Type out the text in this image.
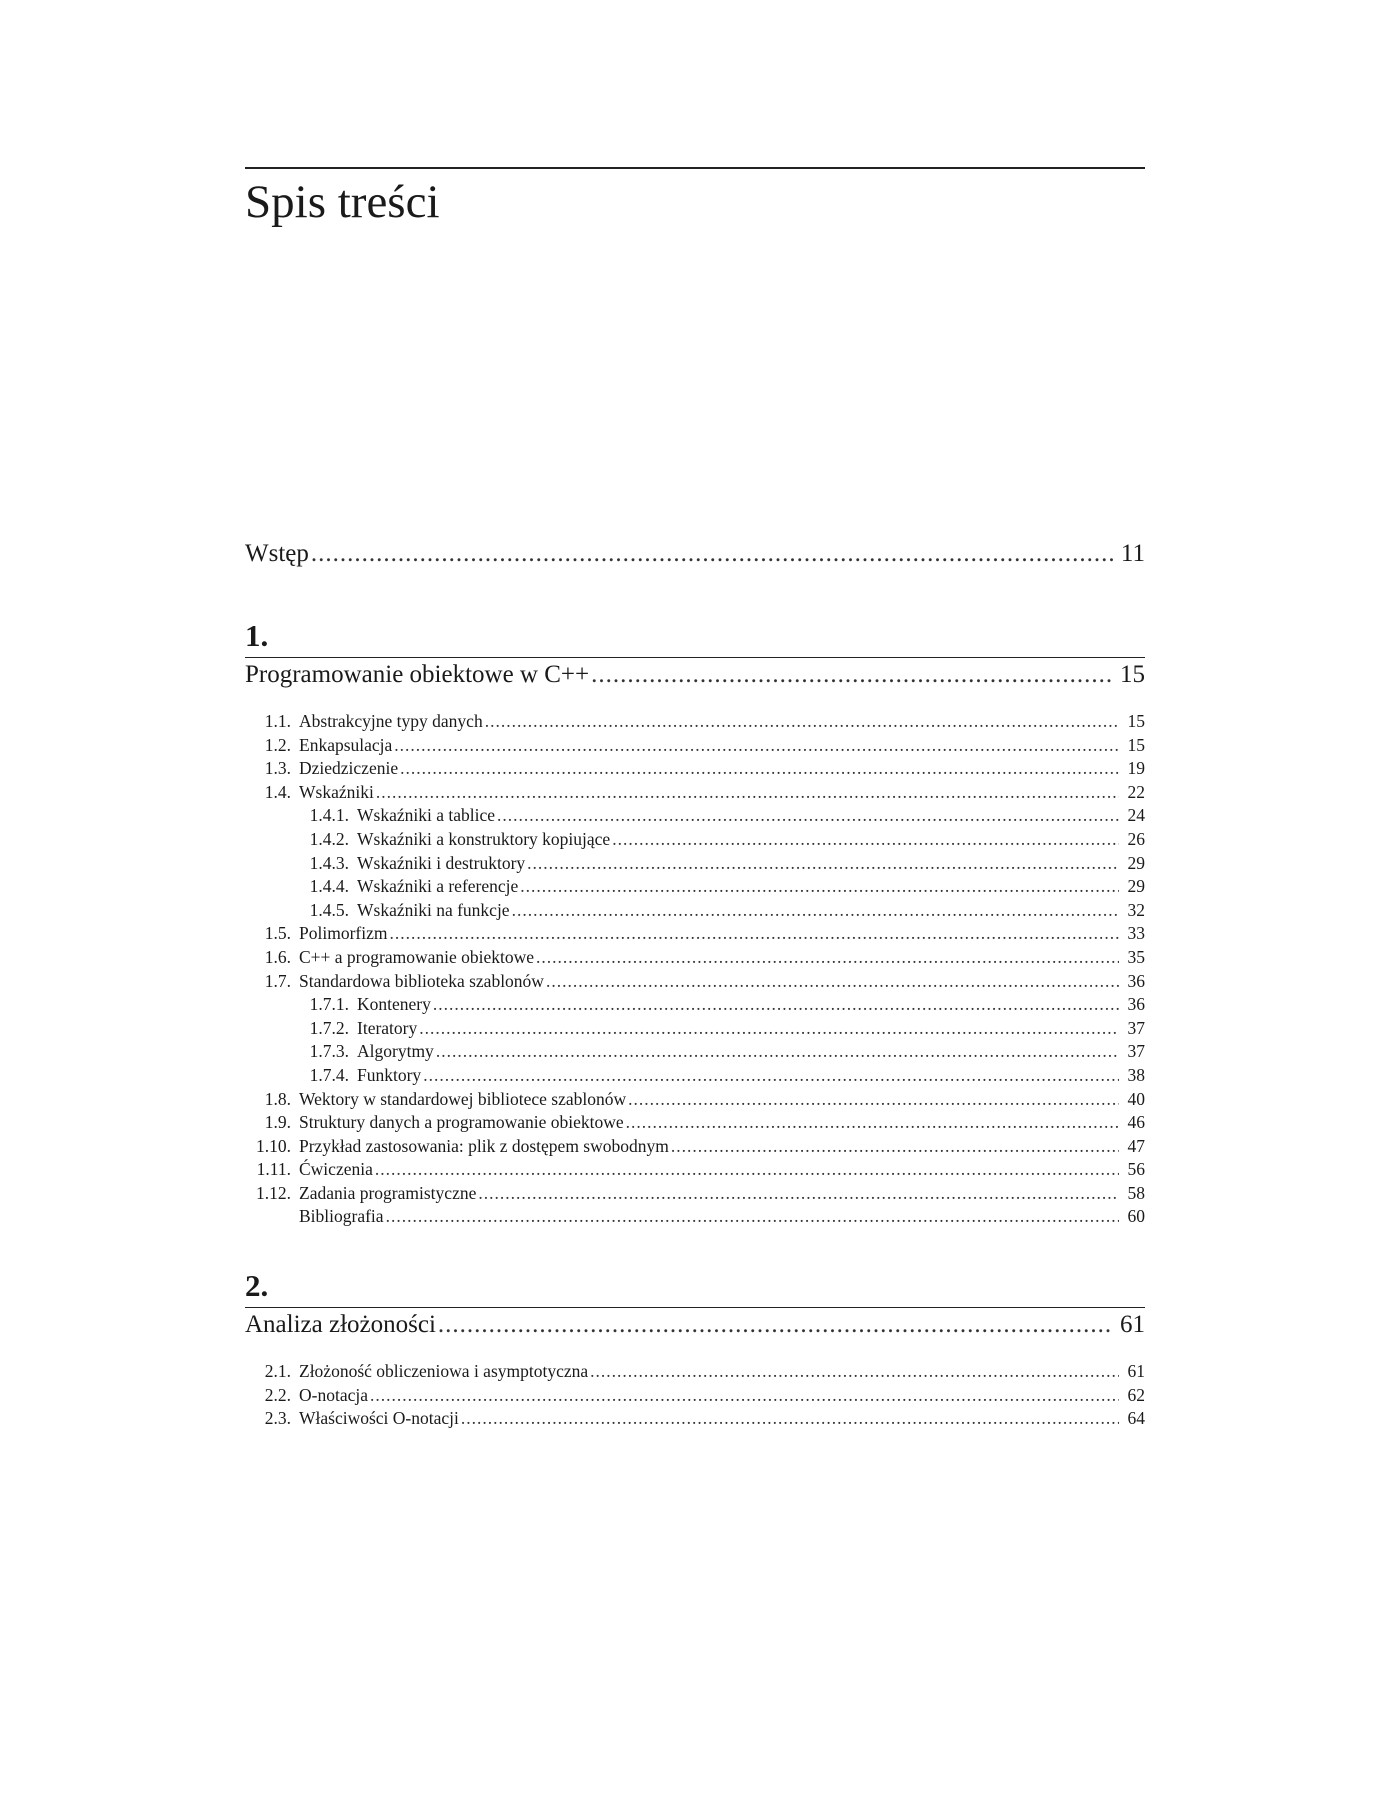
Spis treści
Wstęp .....	11
1.
Programowanie obiektowe w C++ .....	15
1.1. Abstrakcyjne typy danych .....	15
1.2. Enkapsulacja .....	15
1.3. Dziedziczenie .....	19
1.4. Wskaźniki .....	22
1.4.1. Wskaźniki a tablice .....	24
1.4.2. Wskaźniki a konstruktory kopiujące .....	26
1.4.3. Wskaźniki i destruktory .....	29
1.4.4. Wskaźniki a referencje .....	29
1.4.5. Wskaźniki na funkcje .....	32
1.5. Polimorfizm .....	33
1.6. C++ a programowanie obiektowe .....	35
1.7. Standardowa biblioteka szablonów .....	36
1.7.1. Kontenery .....	36
1.7.2. Iteratory .....	37
1.7.3. Algorytmy .....	37
1.7.4. Funktory .....	38
1.8. Wektory w standardowej bibliotece szablonów .....	40
1.9. Struktury danych a programowanie obiektowe .....	46
1.10. Przykład zastosowania: plik z dostępem swobodnym .....	47
1.11. Ćwiczenia .....	56
1.12. Zadania programistyczne .....	58
Bibliografia .....	60
2.
Analiza złożoności .....	61
2.1. Złożoność obliczeniowa i asymptotyczna .....	61
2.2. O-notacja .....	62
2.3. Właściwości O-notacji .....	64
